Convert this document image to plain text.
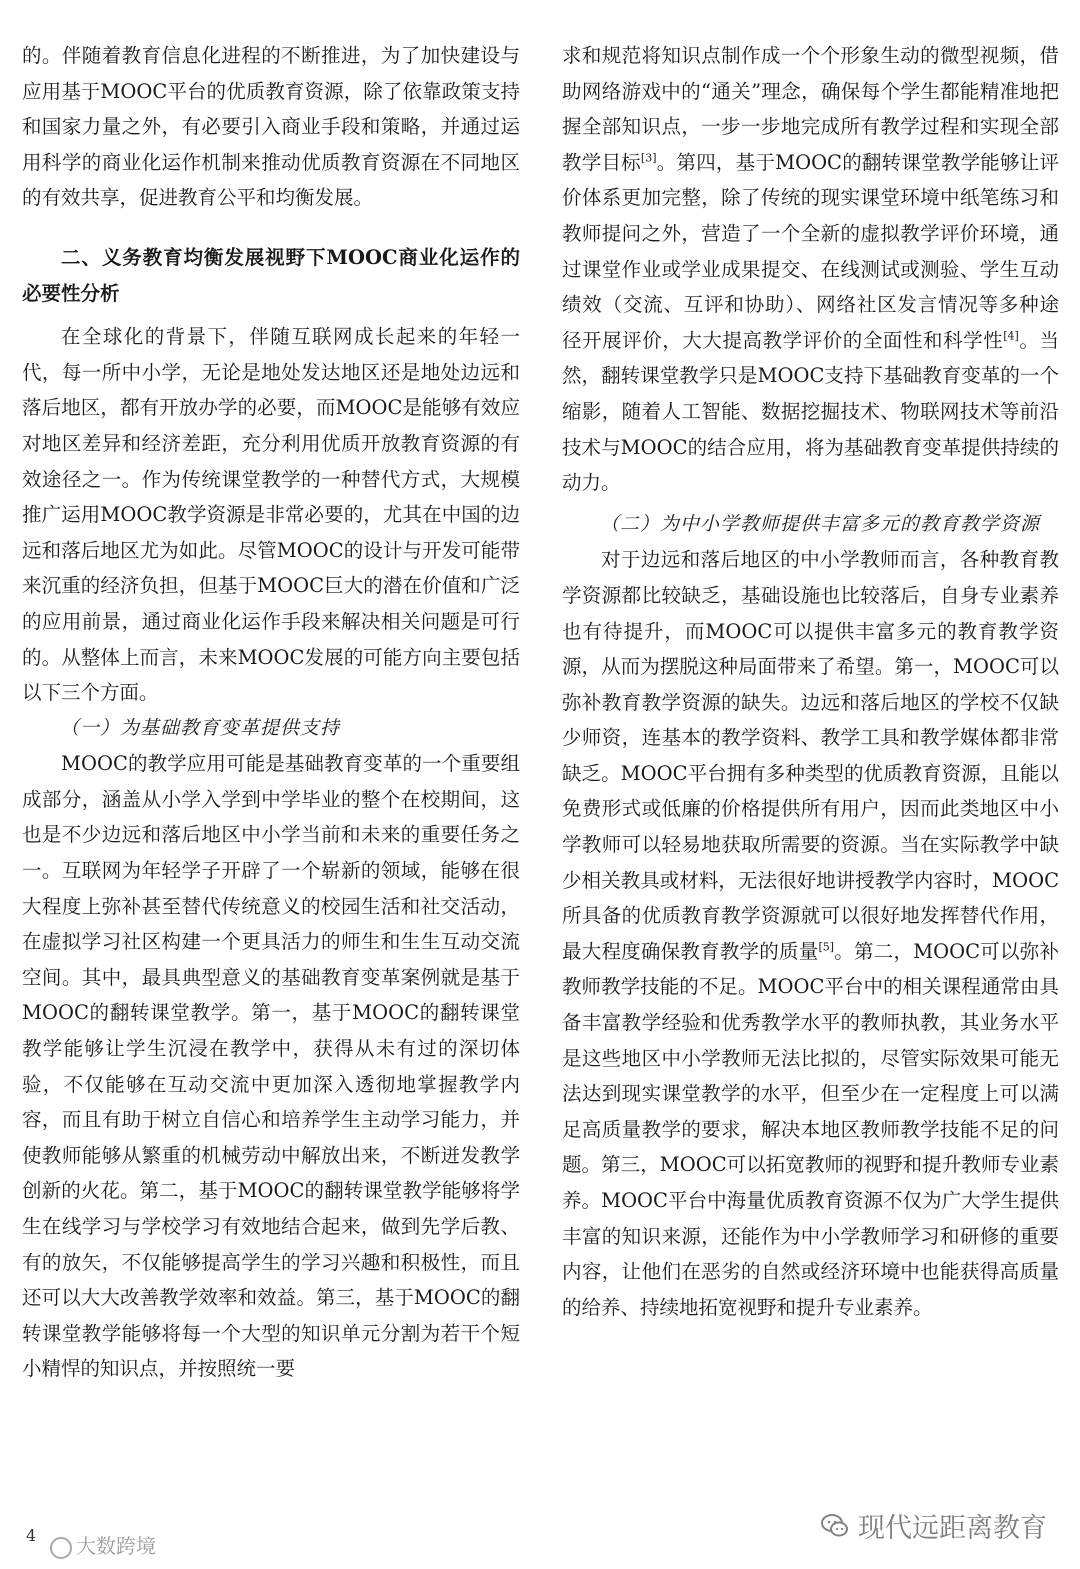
的。伴随着教育信息化进程的不断推进，为了加快建设与应用基于MOOC平台的优质教育资源，除了依靠政策支持和国家力量之外，有必要引入商业手段和策略，并通过运用科学的商业化运作机制来推动优质教育资源在不同地区的有效共享，促进教育公平和均衡发展。

二、义务教育均衡发展视野下MOOC商业化运作的必要性分析

在全球化的背景下，伴随互联网成长起来的年轻一代，每一所中小学，无论是地处发达地区还是地处边远和落后地区，都有开放办学的必要，而MOOC是能够有效应对地区差异和经济差距，充分利用优质开放教育资源的有效途径之一。作为传统课堂教学的一种替代方式，大规模推广运用MOOC教学资源是非常必要的，尤其在中国的边远和落后地区尤为如此。尽管MOOC的设计与开发可能带来沉重的经济负担，但基于MOOC巨大的潜在价值和广泛的应用前景，通过商业化运作手段来解决相关问题是可行的。从整体上而言，未来MOOC发展的可能方向主要包括以下三个方面。

（一）为基础教育变革提供支持

MOOC的教学应用可能是基础教育变革的一个重要组成部分，涵盖从小学入学到中学毕业的整个在校期间，这也是不少边远和落后地区中小学当前和未来的重要任务之一。互联网为年轻学子开辟了一个崭新的领域，能够在很大程度上弥补甚至替代传统意义的校园生活和社交活动，在虚拟学习社区构建一个更具活力的师生和生生互动交流空间。其中，最具典型意义的基础教育变革案例就是基于MOOC的翻转课堂教学。第一，基于MOOC的翻转课堂教学能够让学生沉浸在教学中，获得从未有过的深切体验，不仅能够在互动交流中更加深入透彻地掌握教学内容，而且有助于树立自信心和培养学生主动学习能力，并使教师能够从繁重的机械劳动中解放出来，不断迸发教学创新的火花。第二，基于MOOC的翻转课堂教学能够将学生在线学习与学校学习有效地结合起来，做到先学后教、有的放矢，不仅能够提高学生的学习兴趣和积极性，而且还可以大大改善教学效率和效益。第三，基于MOOC的翻转课堂教学能够将每一个大型的知识单元分割为若干个短小精悍的知识点，并按照统一要

求和规范将知识点制作成一个个形象生动的微型视频，借助网络游戏中的“通关”理念，确保每个学生都能精准地把握全部知识点，一步一步地完成所有教学过程和实现全部教学目标[3]。第四，基于MOOC的翻转课堂教学能够让评价体系更加完整，除了传统的现实课堂环境中纸笔练习和教师提问之外，营造了一个全新的虚拟教学评价环境，通过课堂作业或学业成果提交、在线测试或测验、学生互动绩效（交流、互评和协助）、网络社区发言情况等多种途径开展评价，大大提高教学评价的全面性和科学性[4]。当然，翻转课堂教学只是MOOC支持下基础教育变革的一个缩影，随着人工智能、数据挖掘技术、物联网技术等前沿技术与MOOC的结合应用，将为基础教育变革提供持续的动力。

（二）为中小学教师提供丰富多元的教育教学资源

对于边远和落后地区的中小学教师而言，各种教育教学资源都比较缺乏，基础设施也比较落后，自身专业素养也有待提升，而MOOC可以提供丰富多元的教育教学资源，从而为摆脱这种局面带来了希望。第一，MOOC可以弥补教育教学资源的缺失。边远和落后地区的学校不仅缺少师资，连基本的教学资料、教学工具和教学媒体都非常缺乏。MOOC平台拥有多种类型的优质教育资源，且能以免费形式或低廉的价格提供所有用户，因而此类地区中小学教师可以轻易地获取所需要的资源。当在实际教学中缺少相关教具或材料，无法很好地讲授教学内容时，MOOC所具备的优质教育教学资源就可以很好地发挥替代作用，最大程度确保教育教学的质量[5]。第二，MOOC可以弥补教师教学技能的不足。MOOC平台中的相关课程通常由具备丰富教学经验和优秀教学水平的教师执教，其业务水平是这些地区中小学教师无法比拟的，尽管实际效果可能无法达到现实课堂教学的水平，但至少在一定程度上可以满足高质量教学的要求，解决本地区教师教学技能不足的问题。第三，MOOC可以拓宽教师的视野和提升教师专业素养。MOOC平台中海量优质教育资源不仅为广大学生提供丰富的知识来源，还能作为中小学教师学习和研修的重要内容，让他们在恶劣的自然或经济环境中也能获得高质量的给养、持续地拓宽视野和提升专业素养。

4	大数跨境
现代远距离教育
